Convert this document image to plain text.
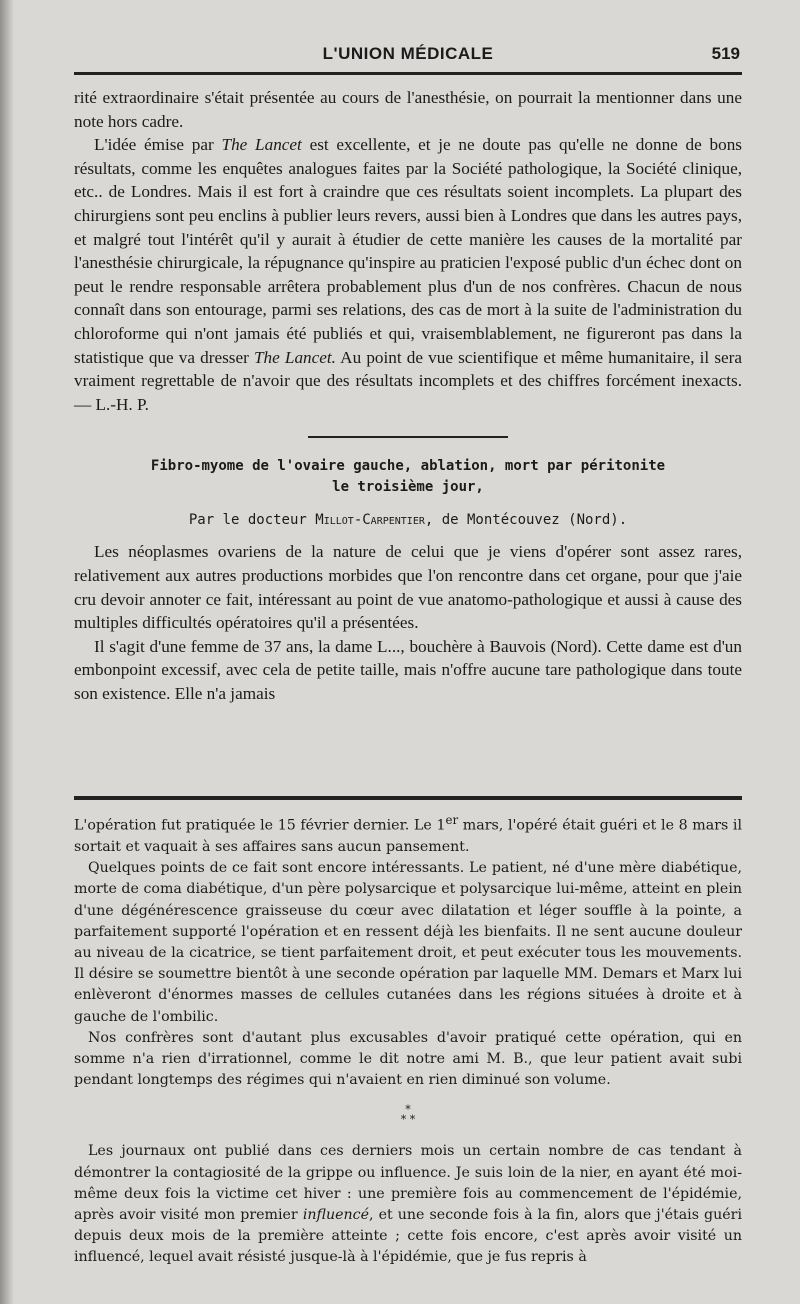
L'UNION MÉDICALE	519

rité extraordinaire s'était présentée au cours de l'anesthésie, on pourrait la mentionner dans une note hors cadre.

L'idée émise par The Lancet est excellente, et je ne doute pas qu'elle ne donne de bons résultats, comme les enquêtes analogues faites par la Société pathologique, la Société clinique, etc.. de Londres. Mais il est fort à craindre que ces résultats soient incomplets. La plupart des chirurgiens sont peu enclins à publier leurs revers, aussi bien à Londres que dans les autres pays, et malgré tout l'intérêt qu'il y aurait à étudier de cette manière les causes de la mortalité par l'anesthésie chirurgicale, la répugnance qu'inspire au praticien l'exposé public d'un échec dont on peut le rendre responsable arrêtera probablement plus d'un de nos confrères. Chacun de nous connaît dans son entourage, parmi ses relations, des cas de mort à la suite de l'administration du chloroforme qui n'ont jamais été publiés et qui, vraisemblablement, ne figureront pas dans la statistique que va dresser The Lancet. Au point de vue scientifique et même humanitaire, il sera vraiment regrettable de n'avoir que des résultats incomplets et des chiffres forcément inexacts. — L.-H. P.

Fibro-myome de l'ovaire gauche, ablation, mort par péritonite
le troisième jour,
Par le docteur Millot-Carpentier, de Montécouvez (Nord).

Les néoplasmes ovariens de la nature de celui que je viens d'opérer sont assez rares, relativement aux autres productions morbides que l'on rencontre dans cet organe, pour que j'aie cru devoir annoter ce fait, intéressant au point de vue anatomo-pathologique et aussi à cause des multiples difficultés opératoires qu'il a présentées.

Il s'agit d'une femme de 37 ans, la dame L..., bouchère à Bauvois (Nord). Cette dame est d'un embonpoint excessif, avec cela de petite taille, mais n'offre aucune tare pathologique dans toute son existence. Elle n'a jamais

L'opération fut pratiquée le 15 février dernier. Le 1er mars, l'opéré était guéri et le 8 mars il sortait et vaquait à ses affaires sans aucun pansement.

Quelques points de ce fait sont encore intéressants. Le patient, né d'une mère diabétique, morte de coma diabétique, d'un père polysarcique et polysarcique lui-même, atteint en plein d'une dégénérescence graisseuse du cœur avec dilatation et léger souffle à la pointe, a parfaitement supporté l'opération et en ressent déjà les bienfaits. Il ne sent aucune douleur au niveau de la cicatrice, se tient parfaitement droit, et peut exécuter tous les mouvements. Il désire se soumettre bientôt à une seconde opération par laquelle MM. Demars et Marx lui enlèveront d'énormes masses de cellules cutanées dans les régions situées à droite et à gauche de l'ombilic.

Nos confrères sont d'autant plus excusables d'avoir pratiqué cette opération, qui en somme n'a rien d'irrationnel, comme le dit notre ami M. B., que leur patient avait subi pendant longtemps des régimes qui n'avaient en rien diminué son volume.

*
* *

Les journaux ont publié dans ces derniers mois un certain nombre de cas tendant à démontrer la contagiosité de la grippe ou influence. Je suis loin de la nier, en ayant été moi-même deux fois la victime cet hiver : une première fois au commencement de l'épidémie, après avoir visité mon premier influencé, et une seconde fois à la fin, alors que j'étais guéri depuis deux mois de la première atteinte ; cette fois encore, c'est après avoir visité un influencé, lequel avait résisté jusque-là à l'épidémie, que je fus repris à
